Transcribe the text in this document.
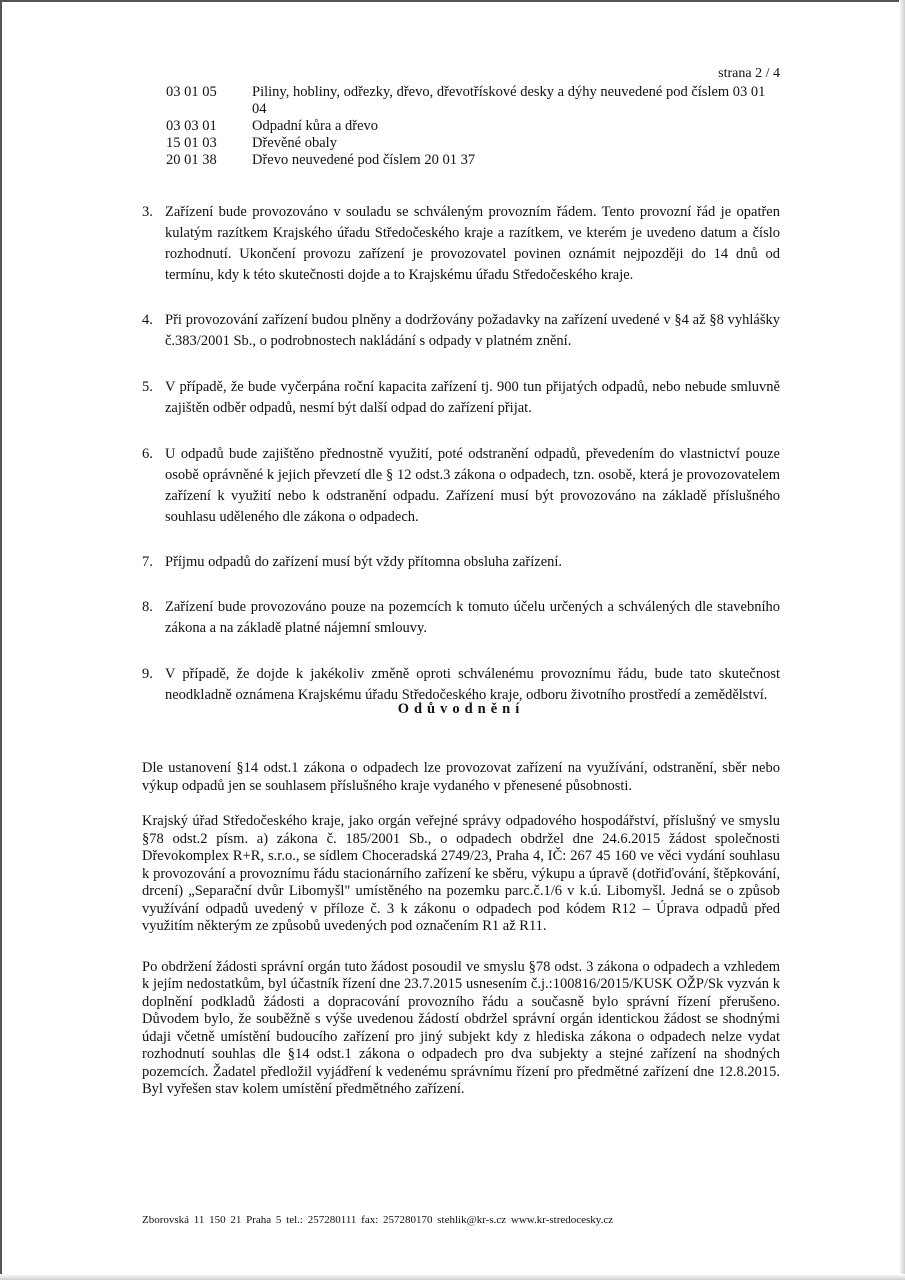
strana 2 / 4
03 01 05	Piliny, hobliny, odřezky, dřevo, dřevotřískové desky a dýhy neuvedené pod číslem 03 01 04
03 03 01	Odpadní kůra a dřevo
15 01 03	Dřevěné obaly
20 01 38	Dřevo neuvedené pod číslem 20 01 37
3. Zařízení bude provozováno v souladu se schváleným provozním řádem. Tento provozní řád je opatřen kulatým razítkem Krajského úřadu Středočeského kraje a razítkem, ve kterém je uvedeno datum a číslo rozhodnutí. Ukončení provozu zařízení je provozovatel povinen oznámit nejpozději do 14 dnů od termínu, kdy k této skutečnosti dojde a to Krajskému úřadu Středočeského kraje.
4. Při provozování zařízení budou plněny a dodržovány požadavky na zařízení uvedené v §4 až §8 vyhlášky č.383/2001 Sb., o podrobnostech nakládání s odpady v platném znění.
5. V případě, že bude vyčerpána roční kapacita zařízení tj. 900 tun přijatých odpadů, nebo nebude smluvně zajištěn odběr odpadů, nesmí být další odpad do zařízení přijat.
6. U odpadů bude zajištěno přednostně využití, poté odstranění odpadů, převedením do vlastnictví pouze osobě oprávněné k jejich převzetí dle § 12 odst.3 zákona o odpadech, tzn. osobě, která je provozovatelem zařízení k využití nebo k odstranění odpadu. Zařízení musí být provozováno na základě příslušného souhlasu uděleného dle zákona o odpadech.
7. Příjmu odpadů do zařízení musí být vždy přítomna obsluha zařízení.
8. Zařízení bude provozováno pouze na pozemcích k tomuto účelu určených a schválených dle stavebního zákona a na základě platné nájemní smlouvy.
9. V případě, že dojde k jakékoliv změně oproti schválenému provoznímu řádu, bude tato skutečnost neodkladně oznámena Krajskému úřadu Středočeského kraje, odboru životního prostředí a zemědělství.
Odůvodnění

Dle ustanovení §14 odst.1 zákona o odpadech lze provozovat zařízení na využívání, odstranění, sběr nebo výkup odpadů jen se souhlasem příslušného kraje vydaného v přenesené působnosti.

Krajský úřad Středočeského kraje, jako orgán veřejné správy odpadového hospodářství, příslušný ve smyslu §78 odst.2 písm. a) zákona č. 185/2001 Sb., o odpadech obdržel dne 24.6.2015 žádost společnosti Dřevokomplex R+R, s.r.o., se sídlem Choceradská 2749/23, Praha 4, IČ: 267 45 160 ve věci vydání souhlasu k provozování a provoznímu řádu stacionárního zařízení ke sběru, výkupu a úpravě (dotřiďování, štěpkování, drcení) „Separační dvůr Libomyšl" umístěného na pozemku parc.č.1/6 v k.ú. Libomyšl. Jedná se o způsob využívání odpadů uvedený v příloze č. 3 k zákonu o odpadech pod kódem R12 – Úprava odpadů před využitím některým ze způsobů uvedených pod označením R1 až R11.

Po obdržení žádosti správní orgán tuto žádost posoudil ve smyslu §78 odst. 3 zákona o odpadech a vzhledem k jejím nedostatkům, byl účastník řízení dne 23.7.2015 usnesením č.j.:100816/2015/KUSK OŽP/Sk vyzván k doplnění podkladů žádosti a dopracování provozního řádu a současně bylo správní řízení přerušeno. Důvodem bylo, že souběžně s výše uvedenou žádostí obdržel správní orgán identickou žádost se shodnými údaji včetně umístění budoucího zařízení pro jiný subjekt kdy z hlediska zákona o odpadech nelze vydat rozhodnutí souhlas dle §14 odst.1 zákona o odpadech pro dva subjekty a stejné zařízení na shodných pozemcích. Žadatel předložil vyjádření k vedenému správnímu řízení pro předmětné zařízení dne 12.8.2015. Byl vyřešen stav kolem umístění předmětného zařízení.

Zborovská 11 150 21 Praha 5 tel.: 257280111 fax: 257280170 stehlik@kr-s.cz www.kr-stredocesky.cz
